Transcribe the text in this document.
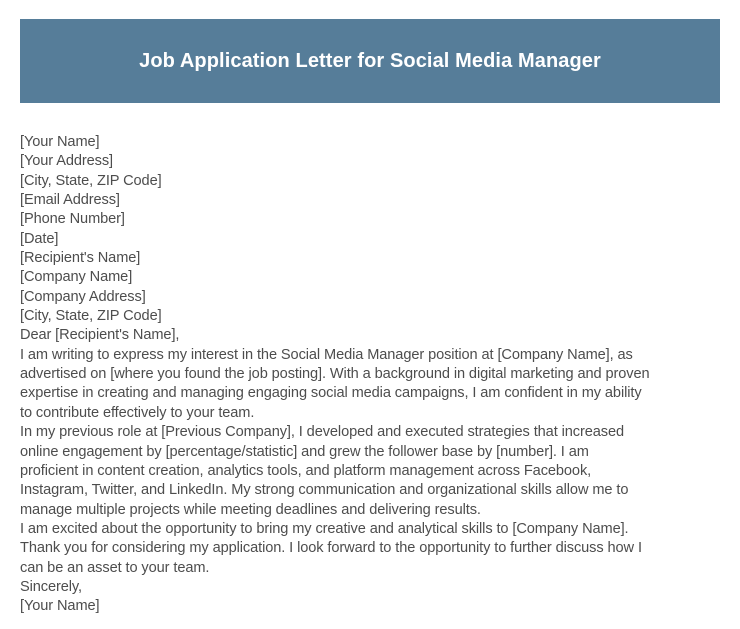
Job Application Letter for Social Media Manager
[Your Name]
[Your Address]
[City, State, ZIP Code]
[Email Address]
[Phone Number]
[Date]
[Recipient's Name]
[Company Name]
[Company Address]
[City, State, ZIP Code]
Dear [Recipient's Name],
I am writing to express my interest in the Social Media Manager position at [Company Name], as
advertised on [where you found the job posting]. With a background in digital marketing and proven
expertise in creating and managing engaging social media campaigns, I am confident in my ability
to contribute effectively to your team.
In my previous role at [Previous Company], I developed and executed strategies that increased
online engagement by [percentage/statistic] and grew the follower base by [number]. I am
proficient in content creation, analytics tools, and platform management across Facebook,
Instagram, Twitter, and LinkedIn. My strong communication and organizational skills allow me to
manage multiple projects while meeting deadlines and delivering results.
I am excited about the opportunity to bring my creative and analytical skills to [Company Name].
Thank you for considering my application. I look forward to the opportunity to further discuss how I
can be an asset to your team.
Sincerely,
[Your Name]
